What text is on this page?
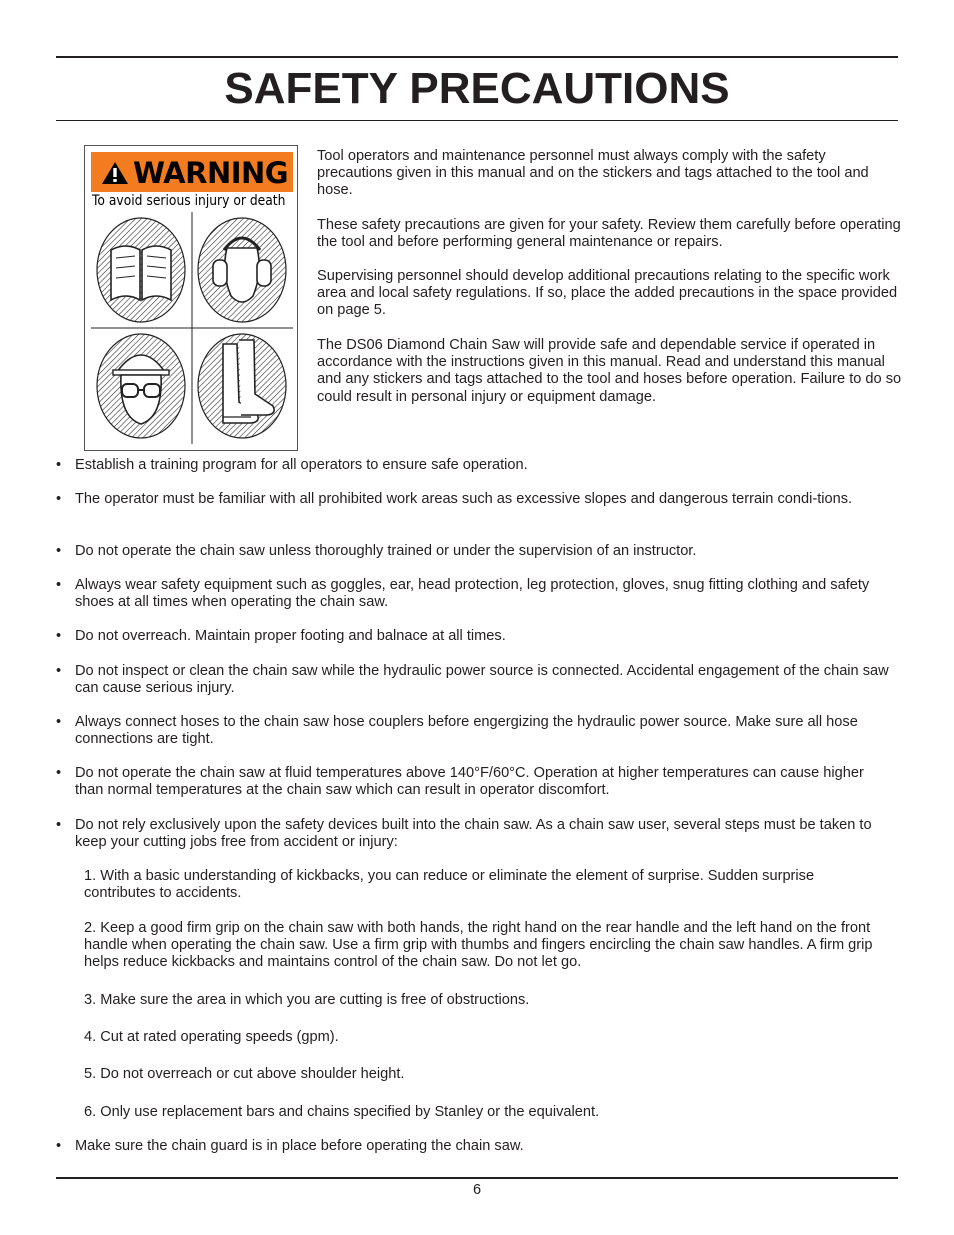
SAFETY PRECAUTIONS
WARNING
To avoid serious injury or death
Tool operators and maintenance personnel must always comply with the safety precautions given in this manual and on the stickers and tags attached to the tool and hose.
These safety precautions are given for your safety. Review them carefully before operating the tool and before performing general maintenance or repairs.
Supervising personnel should develop additional precautions relating to the specific work area and local safety regulations. If so, place the added precautions in the space provided on page 5.
The DS06 Diamond Chain Saw will provide safe and dependable service if operated in accordance with the instructions given in this manual. Read and understand this manual and any stickers and tags attached to the tool and hoses before operation. Failure to do so could result in personal injury or equipment damage.
• Establish a training program for all operators to ensure safe operation.
• The operator must be familiar with all prohibited work areas such as excessive slopes and dangerous terrain condi-tions.
• Do not operate the chain saw unless thoroughly trained or under the supervision of an instructor.
• Always wear safety equipment such as goggles, ear, head protection, leg protection, gloves, snug fitting clothing and safety shoes at all times when operating the chain saw.
• Do not overreach. Maintain proper footing and balnace at all times.
• Do not inspect or clean the chain saw while the hydraulic power source is connected. Accidental engagement of the chain saw can cause serious injury.
• Always connect hoses to the chain saw hose couplers before engergizing the hydraulic power source. Make sure all hose connections are tight.
• Do not operate the chain saw at fluid temperatures above 140°F/60°C. Operation at higher temperatures can cause higher than normal temperatures at the chain saw which can result in operator discomfort.
• Do not rely exclusively upon the safety devices built into the chain saw. As a chain saw user, several steps must be taken to keep your cutting jobs free from accident or injury:
1. With a basic understanding of kickbacks, you can reduce or eliminate the element of surprise. Sudden surprise contributes to accidents.
2. Keep a good firm grip on the chain saw with both hands, the right hand on the rear handle and the left hand on the front handle when operating the chain saw. Use a firm grip with thumbs and fingers encircling the chain saw handles. A firm grip helps reduce kickbacks and maintains control of the chain saw. Do not let go.
3. Make sure the area in which you are cutting is free of obstructions.
4. Cut at rated operating speeds (gpm).
5. Do not overreach or cut above shoulder height.
6. Only use replacement bars and chains specified by Stanley or the equivalent.
• Make sure the chain guard is in place before operating the chain saw.
6
